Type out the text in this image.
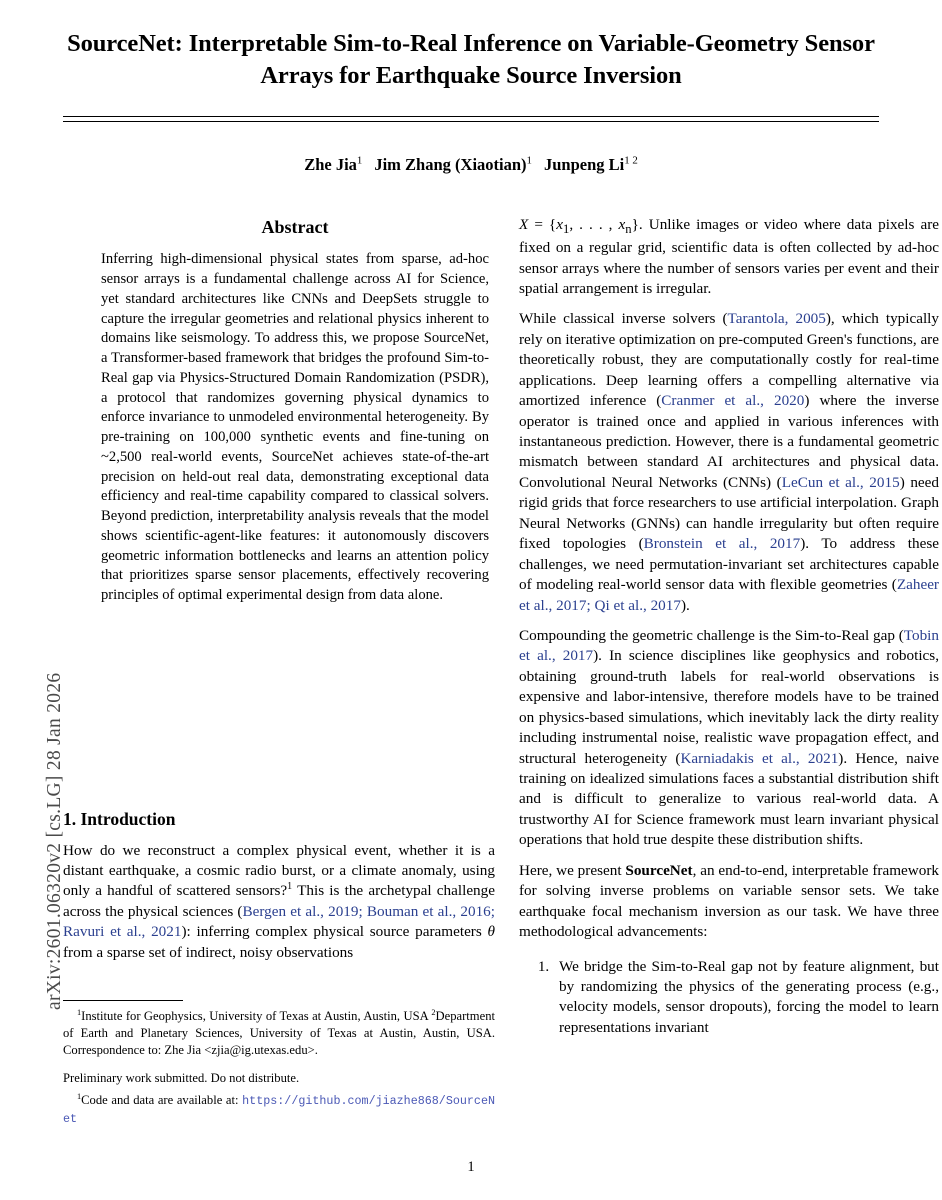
arXiv:2601.06320v2 [cs.LG] 28 Jan 2026
SourceNet: Interpretable Sim-to-Real Inference on Variable-Geometry Sensor Arrays for Earthquake Source Inversion
Zhe Jia$^1$ Jim Zhang (Xiaotian)$^1$ Junpeng $Li^{1 2}$
Abstract

Inferring high-dimensional physical states from sparse, ad-hoc sensor arrays is a fundamental challenge across AI for Science, yet standard architectures like CNNs and DeepSets struggle to capture the irregular geometries and relational physics inherent to domains like seismology. To address this, we propose SourceNet, a Transformer-based framework that bridges the profound Sim-to-Real gap via Physics-Structured Domain Randomization (PSDR), a protocol that randomizes governing physical dynamics to enforce invariance to unmodeled environmental heterogeneity. By pre-training on 100,000 synthetic events and fine-tuning on ~2,500 real-world events, SourceNet achieves state-of-the-art precision on held-out real data, demonstrating exceptional data efficiency and real-time capability compared to classical solvers. Beyond prediction, interpretability analysis reveals that the model shows scientific-agent-like features: it autonomously discovers geometric information bottlenecks and learns an attention policy that prioritizes sparse sensor placements, effectively recovering principles of optimal experimental design from data alone.

1. Introduction

How do we reconstruct a complex physical event, whether it is a distant earthquake, a cosmic radio burst, or a climate anomaly, using only a handful of scattered sensors?$^1$ This is the archetypal challenge across the physical sciences (Bergen et al., 2019; Bouman et al., 2016; Ravuri et al., 2021): inferring complex physical source parameters θ from a sparse set of indirect, noisy observations

$^1$Institute for Geophysics, University of Texas at Austin, Austin, USA $^2$Department of Earth and Planetary Sciences, University of Texas at Austin, Austin, USA. Correspondence to: Zhe Jia <zjia@ig.utexas.edu>.

Preliminary work submitted. Do not distribute.

$^1$Code and data are available at: https://github.com/jiazhe868/SourceNet

$X = \{x_1$, . . . , $x_n$}. Unlike images or video where data pixels are fixed on a regular grid, scientific data is often collected by ad-hoc sensor arrays where the number of sensors varies per event and their spatial arrangement is irregular.

While classical inverse solvers (Tarantola, 2005), which typically rely on iterative optimization on pre-computed Green's functions, are theoretically robust, they are computationally costly for real-time applications. Deep learning offers a compelling alternative via amortized inference (Cranmer et al., 2020) where the inverse operator is trained once and applied in various inferences with instantaneous prediction. However, there is a fundamental geometric mismatch between standard AI architectures and physical data. Convolutional Neural Networks (CNNs) (LeCun et al., 2015) need rigid grids that force researchers to use artificial interpolation. Graph Neural Networks (GNNs) can handle irregularity but often require fixed topologies (Bronstein et al., 2017). To address these challenges, we need permutation-invariant set architectures capable of modeling real-world sensor data with flexible geometries (Zaheer et al., 2017; Qi et al., 2017).

Compounding the geometric challenge is the Sim-to-Real gap (Tobin et al., 2017). In science disciplines like geophysics and robotics, obtaining ground-truth labels for real-world observations is expensive and labor-intensive, therefore models have to be trained on physics-based simulations, which inevitably lack the dirty reality including instrumental noise, realistic wave propagation effect, and structural heterogeneity (Karniadakis et al., 2021). Hence, naive training on idealized simulations faces a substantial distribution shift and is difficult to generalize to various real-world data. A trustworthy AI for Science framework must learn invariant physical operations that hold true despite these distribution shifts.

Here, we present SourceNet, an end-to-end, interpretable framework for solving inverse problems on variable sensor sets. We take earthquake focal mechanism inversion as our task. We have three methodological advancements:

1. We bridge the Sim-to-Real gap not by feature alignment, but by randomizing the physics of the generating process (e.g., velocity models, sensor dropouts), forcing the model to learn representations invariant
1
